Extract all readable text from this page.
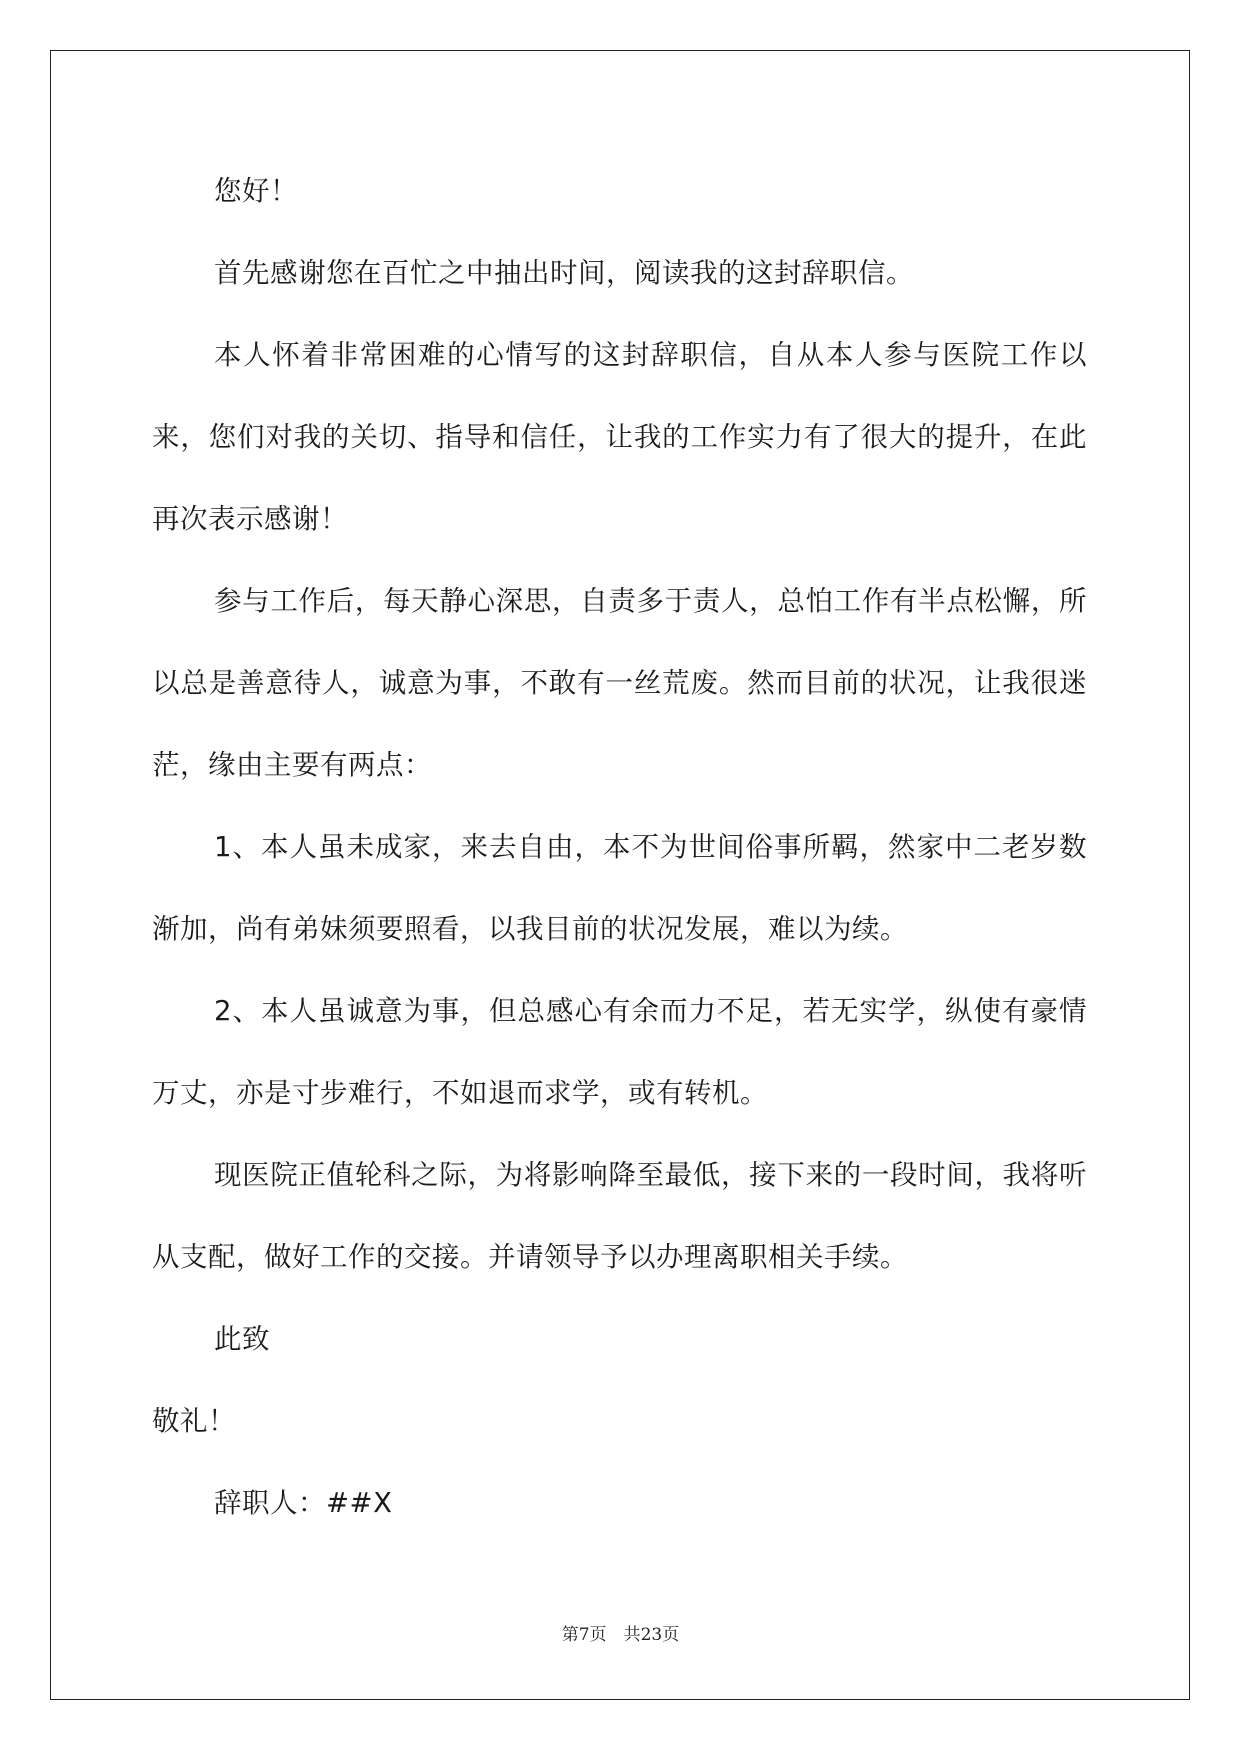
您好！

首先感谢您在百忙之中抽出时间，阅读我的这封辞职信。

本人怀着非常困难的心情写的这封辞职信，自从本人参与医院工作以来，您们对我的关切、指导和信任，让我的工作实力有了很大的提升，在此再次表示感谢！

参与工作后，每天静心深思，自责多于责人，总怕工作有半点松懈，所以总是善意待人，诚意为事，不敢有一丝荒废。然而目前的状况，让我很迷茫，缘由主要有两点：

1、本人虽未成家，来去自由，本不为世间俗事所羁，然家中二老岁数渐加，尚有弟妹须要照看，以我目前的状况发展，难以为续。

2、本人虽诚意为事，但总感心有余而力不足，若无实学，纵使有豪情万丈，亦是寸步难行，不如退而求学，或有转机。

现医院正值轮科之际，为将影响降至最低，接下来的一段时间，我将听从支配，做好工作的交接。并请领导予以办理离职相关手续。

此致

敬礼！

辞职人：##X

第7页　共23页
